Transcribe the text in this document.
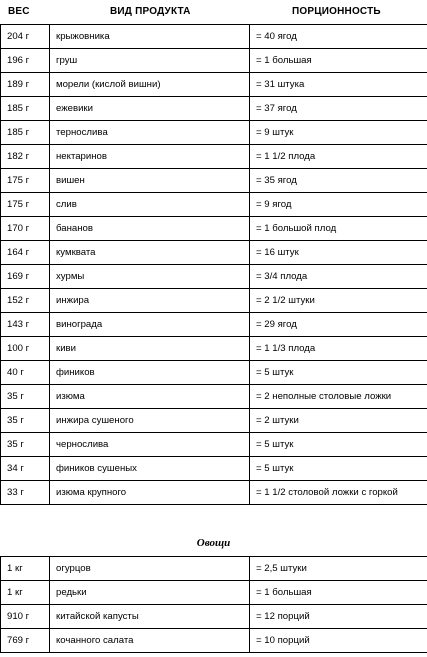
ВЕС	ВИД ПРОДУКТА	ПОРЦИОННОСТЬ
204 г	крыжовника	= 40 ягод
196 г	груш	= 1 большая
189 г	морели (кислой вишни)	= 31 штука
185 г	ежевики	= 37 ягод
185 г	терносливa	= 9 штук
182 г	нектаринов	= 1 1/2 плода
175 г	вишен	= 35 ягод
175 г	слив	= 9 ягод
170 г	бананов	= 1 большой плод
164 г	кумквата	= 16 штук
169 г	хурмы	= 3/4 плода
152 г	инжира	= 2 1/2 штуки
143 г	винограда	= 29 ягод
100 г	киви	= 1 1/3 плода
40 г	фиников	= 5 штук
35 г	изюма	= 2 неполные столовые ложки
35 г	инжира сушеного	= 2 штуки
35 г	чернослива	= 5 штук
34 г	фиников сушеных	= 5 штук
33 г	изюма крупного	= 1 1/2 столовой ложки с горкой
Овощи
1 кг	огурцов	= 2,5 штуки
1 кг	редьки	= 1 большая
910 г	китайской капусты	= 12 порций
769 г	кочанного салата	= 10 порций
